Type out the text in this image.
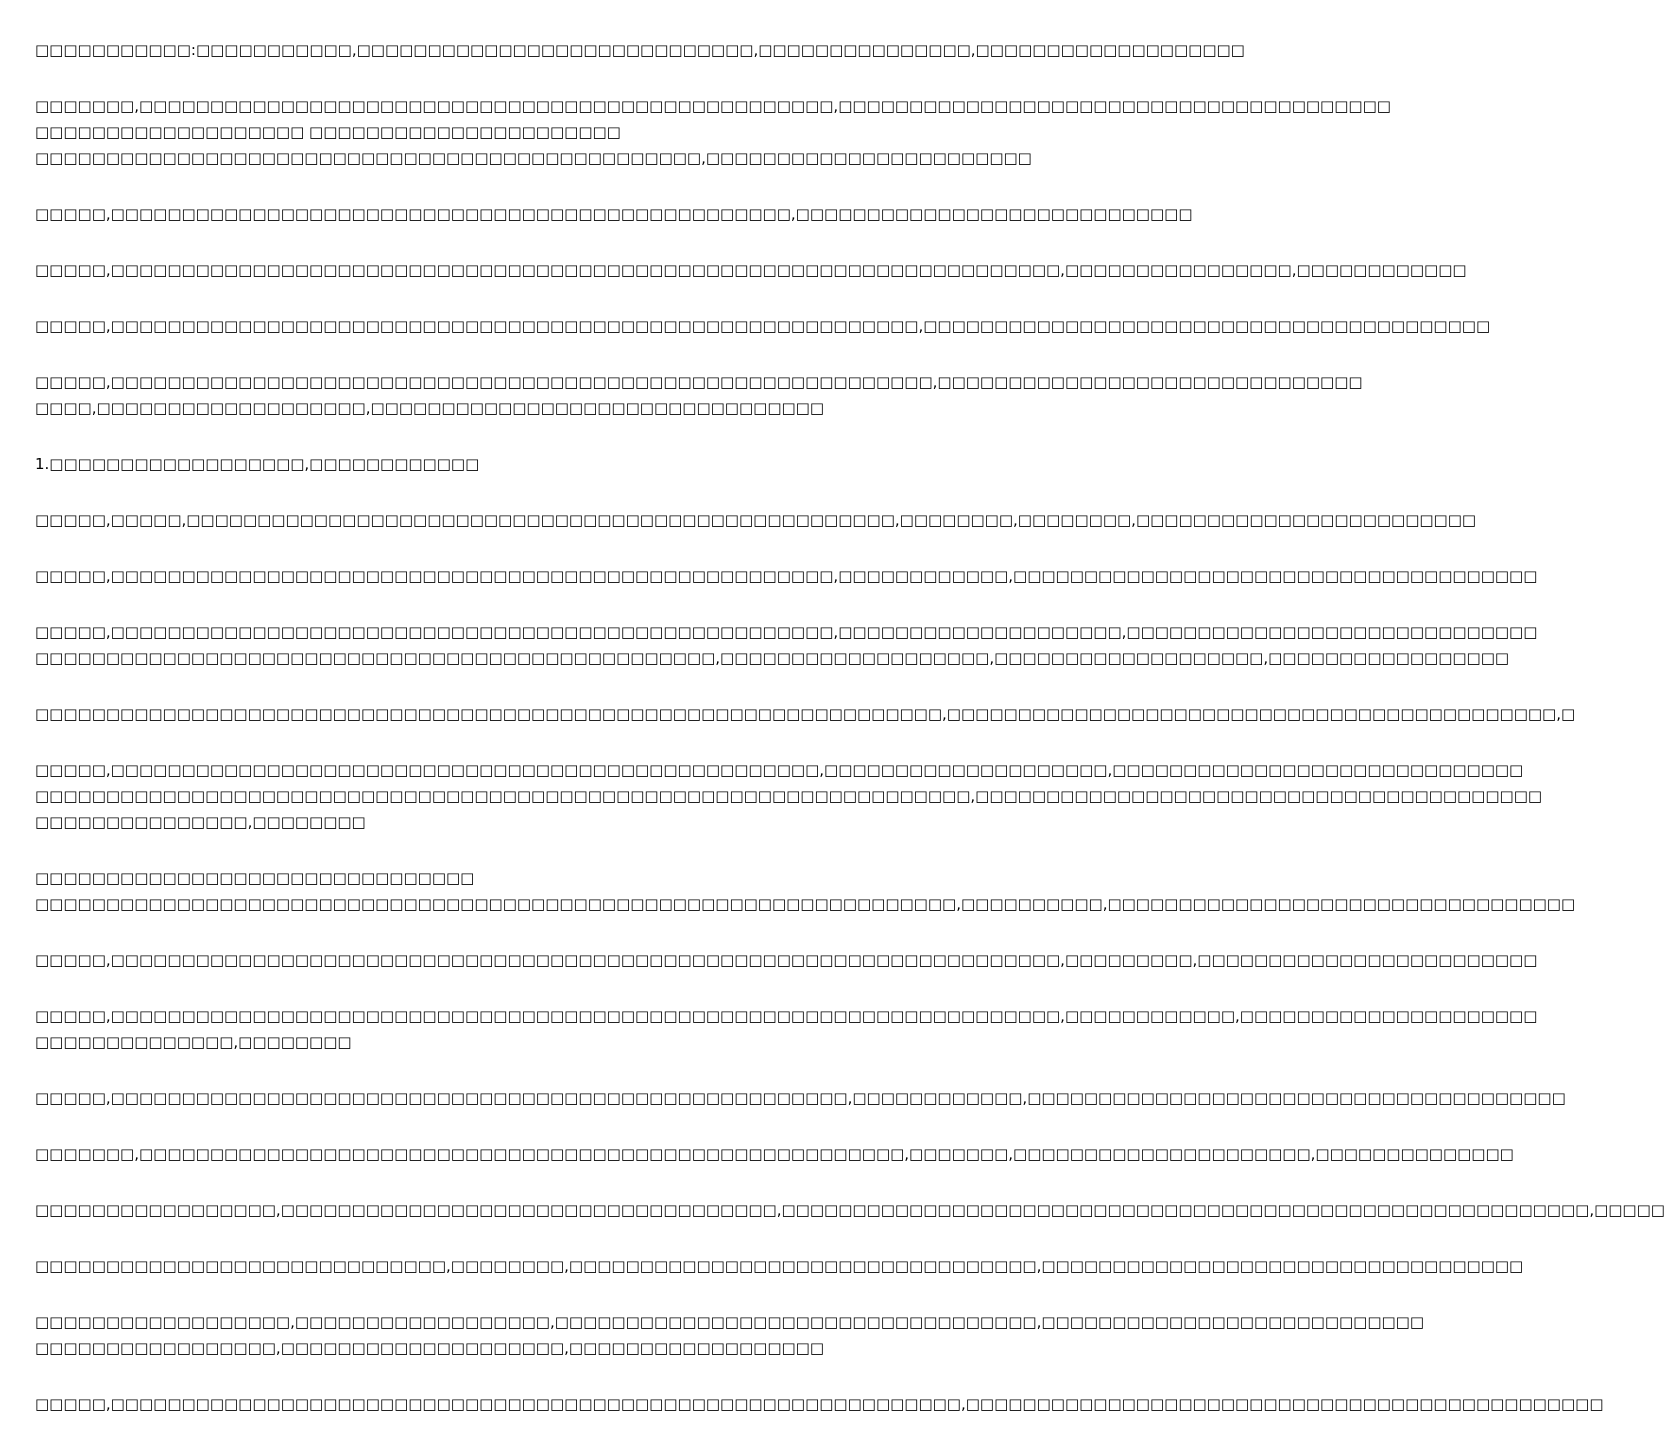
□□□□□□□□□□□:□□□□□□□□□□□,□□□□□□□□□□□□□□□□□□□□□□□□□□□□,□□□□□□□□□□□□□□□,□□□□□□□□□□□□□□□□□□□
□□□□□□□,□□□□□□□□□□□□□□□□□□□□□□□□□□□□□□□□□□□□□□□□□□□□□□□□□,□□□□□□□□□□□□□□□□□□□□□□□□□□□□□□□□□□□□□□□
□□□□□□□□□□□□□□□□□□□ □□□□□□□□□□□□□□□□□□□□□□
□□□□□□□□□□□□□□□□□□□□□□□□□□□□□□□□□□□□□□□□□□□□□□□,□□□□□□□□□□□□□□□□□□□□□□□
□□□□□,□□□□□□□□□□□□□□□□□□□□□□□□□□□□□□□□□□□□□□□□□□□□□□□□,□□□□□□□□□□□□□□□□□□□□□□□□□□□□
□□□□□,□□□□□□□□□□□□□□□□□□□□□□□□□□□□□□□□□□□□□□□□□□□□□□□□□□□□□□□□□□□□□□□□□□□,□□□□□□□□□□□□□□□□,□□□□□□□□□□□□
□□□□□,□□□□□□□□□□□□□□□□□□□□□□□□□□□□□□□□□□□□□□□□□□□□□□□□□□□□□□□□□,□□□□□□□□□□□□□□□□□□□□□□□□□□□□□□□□□□□□□□□□
□□□□□,□□□□□□□□□□□□□□□□□□□□□□□□□□□□□□□□□□□□□□□□□□□□□□□□□□□□□□□□□□,□□□□□□□□□□□□□□□□□□□□□□□□□□□□□□
□□□□,□□□□□□□□□□□□□□□□□□□,□□□□□□□□□□□□□□□□□□□□□□□□□□□□□□□□
1.□□□□□□□□□□□□□□□□□□,□□□□□□□□□□□□
□□□□□,□□□□□,□□□□□□□□□□□□□□□□□□□□□□□□□□□□□□□□□□□□□□□□□□□□□□□□□□,□□□□□□□□,□□□□□□□□,□□□□□□□□□□□□□□□□□□□□□□□□
□□□□□,□□□□□□□□□□□□□□□□□□□□□□□□□□□□□□□□□□□□□□□□□□□□□□□□□□□,□□□□□□□□□□□□,□□□□□□□□□□□□□□□□□□□□□□□□□□□□□□□□□□□□□
□□□□□,□□□□□□□□□□□□□□□□□□□□□□□□□□□□□□□□□□□□□□□□□□□□□□□□□□□,□□□□□□□□□□□□□□□□□□□□,□□□□□□□□□□□□□□□□□□□□□□□□□□□□□
□□□□□□□□□□□□□□□□□□□□□□□□□□□□□□□□□□□□□□□□□□□□□□□□,□□□□□□□□□□□□□□□□□□□,□□□□□□□□□□□□□□□□□□□,□□□□□□□□□□□□□□□□□
□□□□□□□□□□□□□□□□□□□□□□□□□□□□□□□□□□□□□□□□□□□□□□□□□□□□□□□□□□□□□□□□,□□□□□□□□□□□□□□□□□□□□□□□□□□□□□□□□□□□□□□□□□□□,□
□□□□□,□□□□□□□□□□□□□□□□□□□□□□□□□□□□□□□□□□□□□□□□□□□□□□□□□□,□□□□□□□□□□□□□□□□□□□□,□□□□□□□□□□□□□□□□□□□□□□□□□□□□□
□□□□□□□□□□□□□□□□□□□□□□□□□□□□□□□□□□□□□□□□□□□□□□□□□□□□□□□□□□□□□□□□□□,□□□□□□□□□□□□□□□□□□□□□□□□□□□□□□□□□□□□□□□□
□□□□□□□□□□□□□□□,□□□□□□□□
□□□□□□□□□□□□□□□□□□□□□□□□□□□□□□□
□□□□□□□□□□□□□□□□□□□□□□□□□□□□□□□□□□□□□□□□□□□□□□□□□□□□□□□□□□□□□□□□□,□□□□□□□□□□,□□□□□□□□□□□□□□□□□□□□□□□□□□□□□□□□□
□□□□□,□□□□□□□□□□□□□□□□□□□□□□□□□□□□□□□□□□□□□□□□□□□□□□□□□□□□□□□□□□□□□□□□□□□,□□□□□□□□□,□□□□□□□□□□□□□□□□□□□□□□□□
□□□□□,□□□□□□□□□□□□□□□□□□□□□□□□□□□□□□□□□□□□□□□□□□□□□□□□□□□□□□□□□□□□□□□□□□□,□□□□□□□□□□□□,□□□□□□□□□□□□□□□□□□□□□
□□□□□□□□□□□□□□,□□□□□□□□
□□□□□,□□□□□□□□□□□□□□□□□□□□□□□□□□□□□□□□□□□□□□□□□□□□□□□□□□□□,□□□□□□□□□□□□,□□□□□□□□□□□□□□□□□□□□□□□□□□□□□□□□□□□□□□
□□□□□□□,□□□□□□□□□□□□□□□□□□□□□□□□□□□□□□□□□□□□□□□□□□□□□□□□□□□□□□,□□□□□□□,□□□□□□□□□□□□□□□□□□□□□,□□□□□□□□□□□□□□
□□□□□□□□□□□□□□□□□,□□□□□□□□□□□□□□□□□□□□□□□□□□□□□□□□□□□,□□□□□□□□□□□□□□□□□□□□□□□□□□□□□□□□□□□□□□□□□□□□□□□□□□□□□□□□□,□□□□□
□□□□□□□□□□□□□□□□□□□□□□□□□□□□□,□□□□□□□□,□□□□□□□□□□□□□□□□□□□□□□□□□□□□□□□□□,□□□□□□□□□□□□□□□□□□□□□□□□□□□□□□□□□□
□□□□□□□□□□□□□□□□□□,□□□□□□□□□□□□□□□□□□,□□□□□□□□□□□□□□□□□□□□□□□□□□□□□□□□□□,□□□□□□□□□□□□□□□□□□□□□□□□□□□
□□□□□□□□□□□□□□□□□,□□□□□□□□□□□□□□□□□□□□,□□□□□□□□□□□□□□□□□□
□□□□□,□□□□□□□□□□□□□□□□□□□□□□□□□□□□□□□□□□□□□□□□□□□□□□□□□□□□□□□□□□□□,□□□□□□□□□□□□□□□□□□□□□□□□□□□□□□□□□□□□□□□□□□□□□
